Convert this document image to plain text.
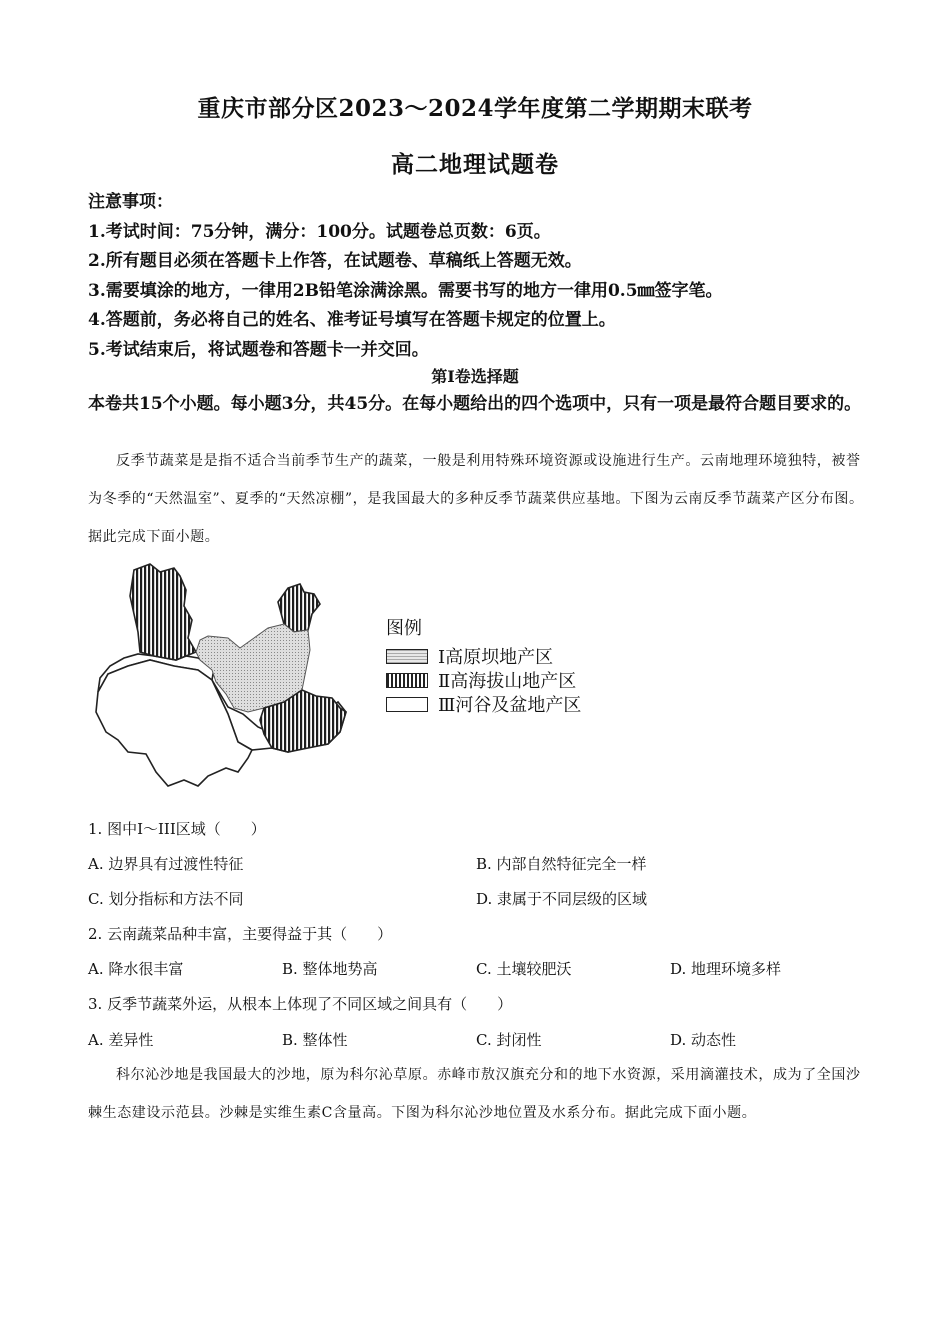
重庆市部分区2023～2024学年度第二学期期末联考
高二地理试题卷
注意事项：
1.考试时间：75分钟，满分：100分。试题卷总页数：6页。
2.所有题目必须在答题卡上作答，在试题卷、草稿纸上答题无效。
3.需要填涂的地方，一律用2B铅笔涂满涂黑。需要书写的地方一律用0.5㎜签字笔。
4.答题前，务必将自己的姓名、准考证号填写在答题卡规定的位置上。
5.考试结束后，将试题卷和答题卡一并交回。
第Ⅰ卷选择题
本卷共15个小题。每小题3分，共45分。在每小题给出的四个选项中，只有一项是最符合题目要求的。
反季节蔬菜是是指不适合当前季节生产的蔬菜，一般是利用特殊环境资源或设施进行生产。云南地理环境独特，被誉为冬季的“天然温室”、夏季的“天然凉棚”，是我国最大的多种反季节蔬菜供应基地。下图为云南反季节蔬菜产区分布图。据此完成下面小题。
图例
Ⅰ高原坝地产区
Ⅱ高海拔山地产区
Ⅲ河谷及盆地产区
1. 图中Ⅰ～III区域（　　）
A. 边界具有过渡性特征	B. 内部自然特征完全一样
C. 划分指标和方法不同	D. 隶属于不同层级的区域
2. 云南蔬菜品种丰富，主要得益于其（　　）
A. 降水很丰富	B. 整体地势高	C. 土壤较肥沃	D. 地理环境多样
3. 反季节蔬菜外运，从根本上体现了不同区域之间具有（　　）
A. 差异性	B. 整体性	C. 封闭性	D. 动态性
科尔沁沙地是我国最大的沙地，原为科尔沁草原。赤峰市敖汉旗充分和的地下水资源，采用滴灌技术，成为了全国沙棘生态建设示范县。沙棘是实维生素C含量高。下图为科尔沁沙地位置及水系分布。据此完成下面小题。
